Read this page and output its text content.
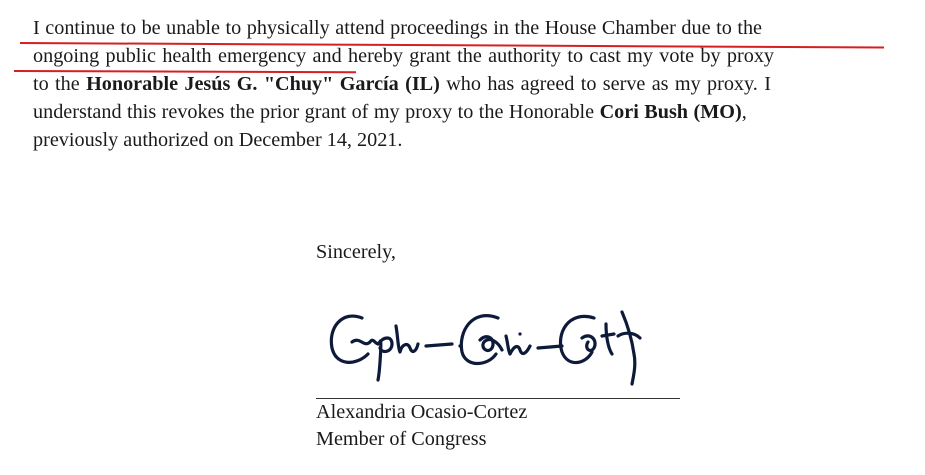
I continue to be unable to physically attend proceedings in the House Chamber due to the
ongoing public health emergency and hereby grant the authority to cast my vote by proxy
to the Honorable Jesús G. "Chuy" García (IL) who has agreed to serve as my proxy. I
understand this revokes the prior grant of my proxy to the Honorable Cori Bush (MO),
previously authorized on December 14, 2021.
Sincerely,
Alexandria Ocasio-Cortez
Member of Congress
